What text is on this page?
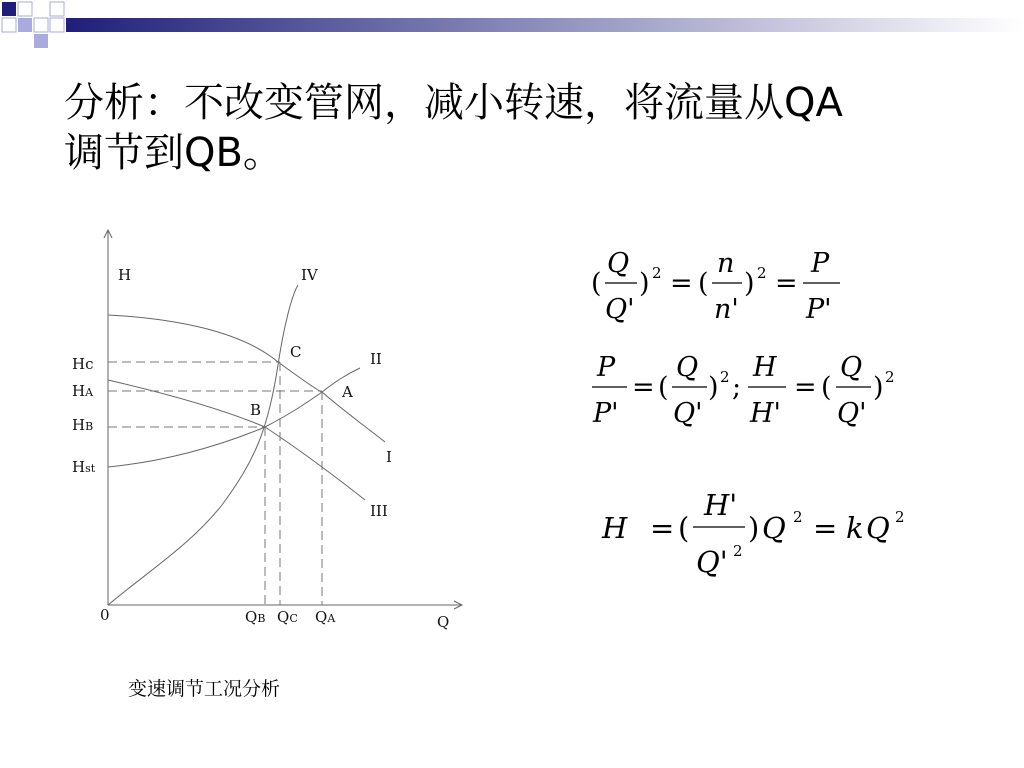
分析：不改变管网，减小转速，将流量从QA
调节到QB。
H
Q
0
IV
II
I
III
C
A
B
Hc
HA
HB
Hst
QB QC QA
变速调节工况分析
(
Q
Q'
) 2 = (
n
n'
) 2 =
P
P'
P
P'
= (
Q
Q'
) 2 ;
H
H'
= (
Q
Q'
) 2
H = (
H'
Q' 2
) Q 2 = k Q 2
